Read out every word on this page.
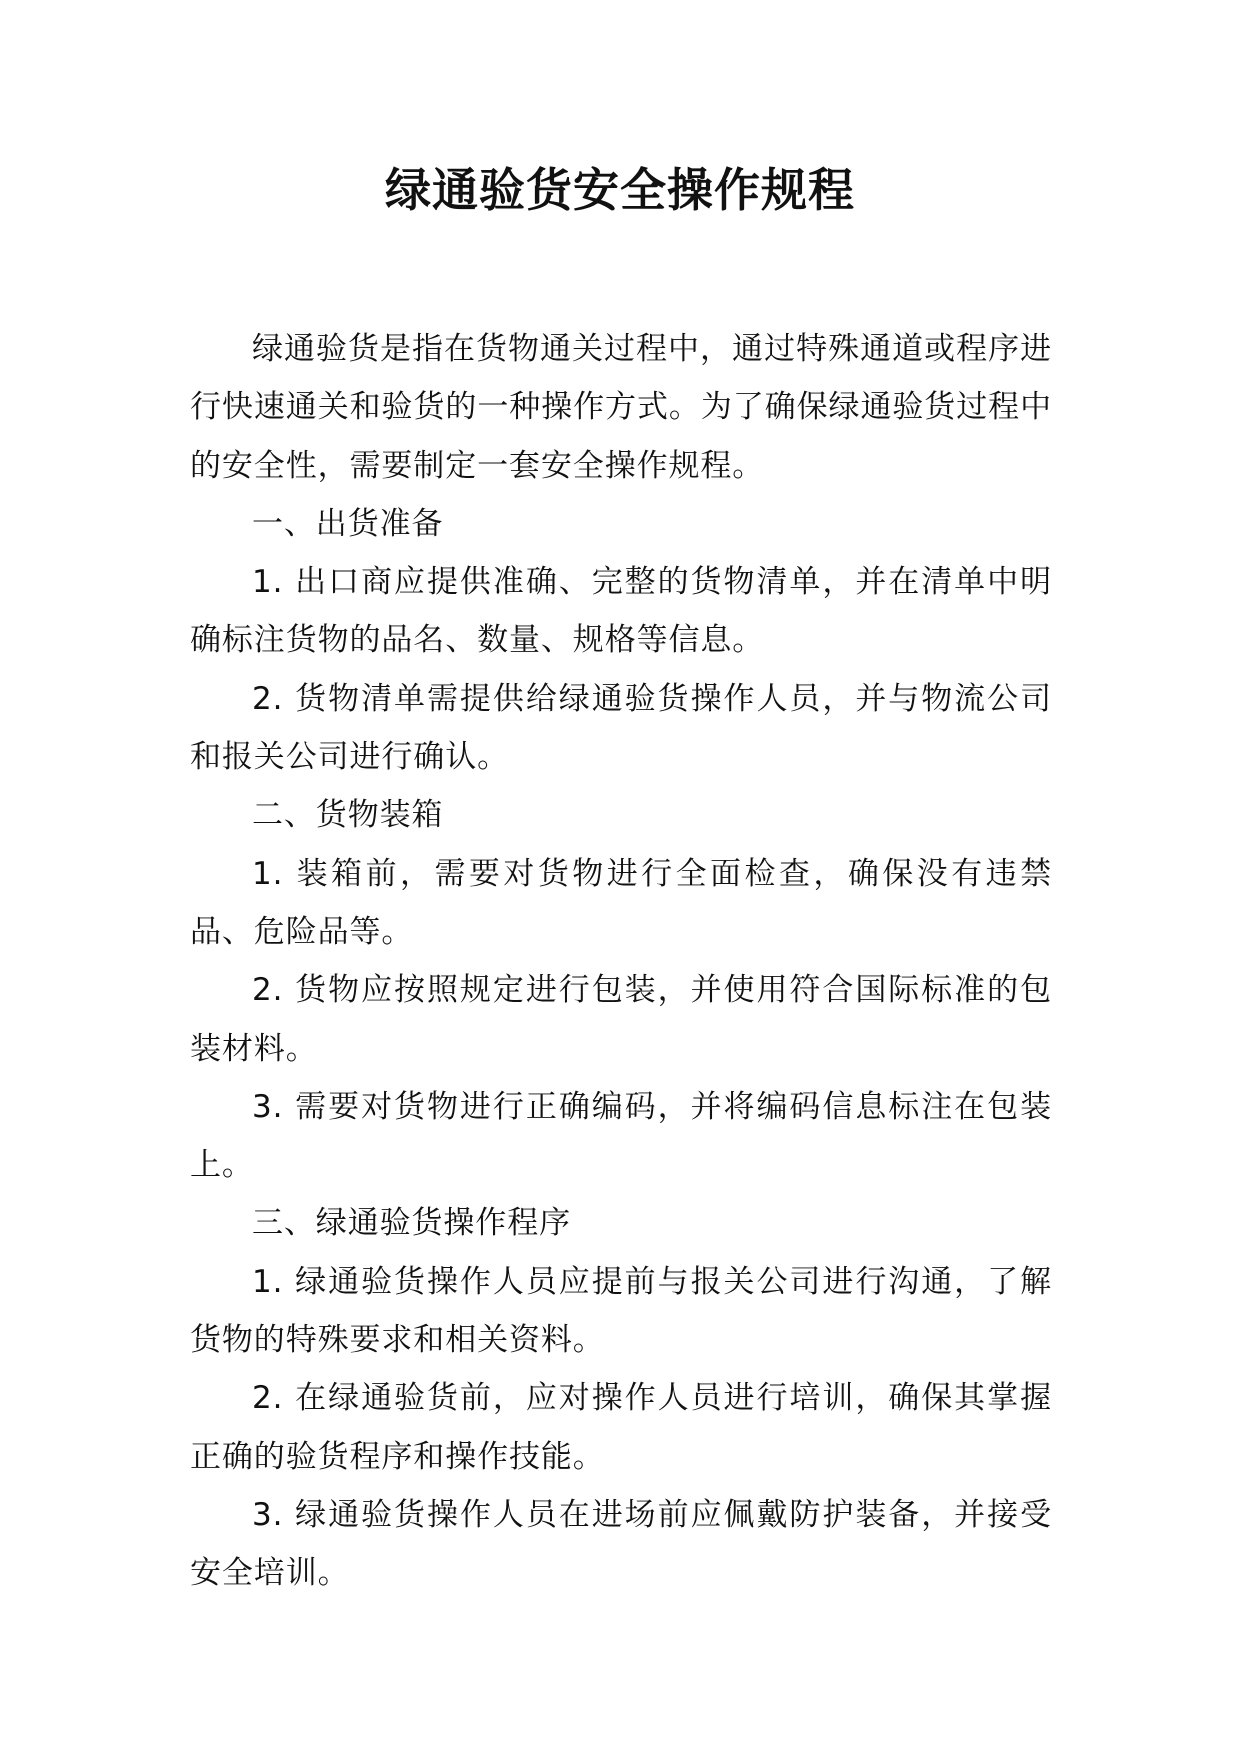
绿通验货安全操作规程

绿通验货是指在货物通关过程中，通过特殊通道或程序进行快速通关和验货的一种操作方式。为了确保绿通验货过程中的安全性，需要制定一套安全操作规程。

一、出货准备

1. 出口商应提供准确、完整的货物清单，并在清单中明确标注货物的品名、数量、规格等信息。

2. 货物清单需提供给绿通验货操作人员，并与物流公司和报关公司进行确认。

二、货物装箱

1. 装箱前，需要对货物进行全面检查，确保没有违禁品、危险品等。

2. 货物应按照规定进行包装，并使用符合国际标准的包装材料。

3. 需要对货物进行正确编码，并将编码信息标注在包装上。

三、绿通验货操作程序

1. 绿通验货操作人员应提前与报关公司进行沟通，了解货物的特殊要求和相关资料。

2. 在绿通验货前，应对操作人员进行培训，确保其掌握正确的验货程序和操作技能。

3. 绿通验货操作人员在进场前应佩戴防护装备，并接受安全培训。
